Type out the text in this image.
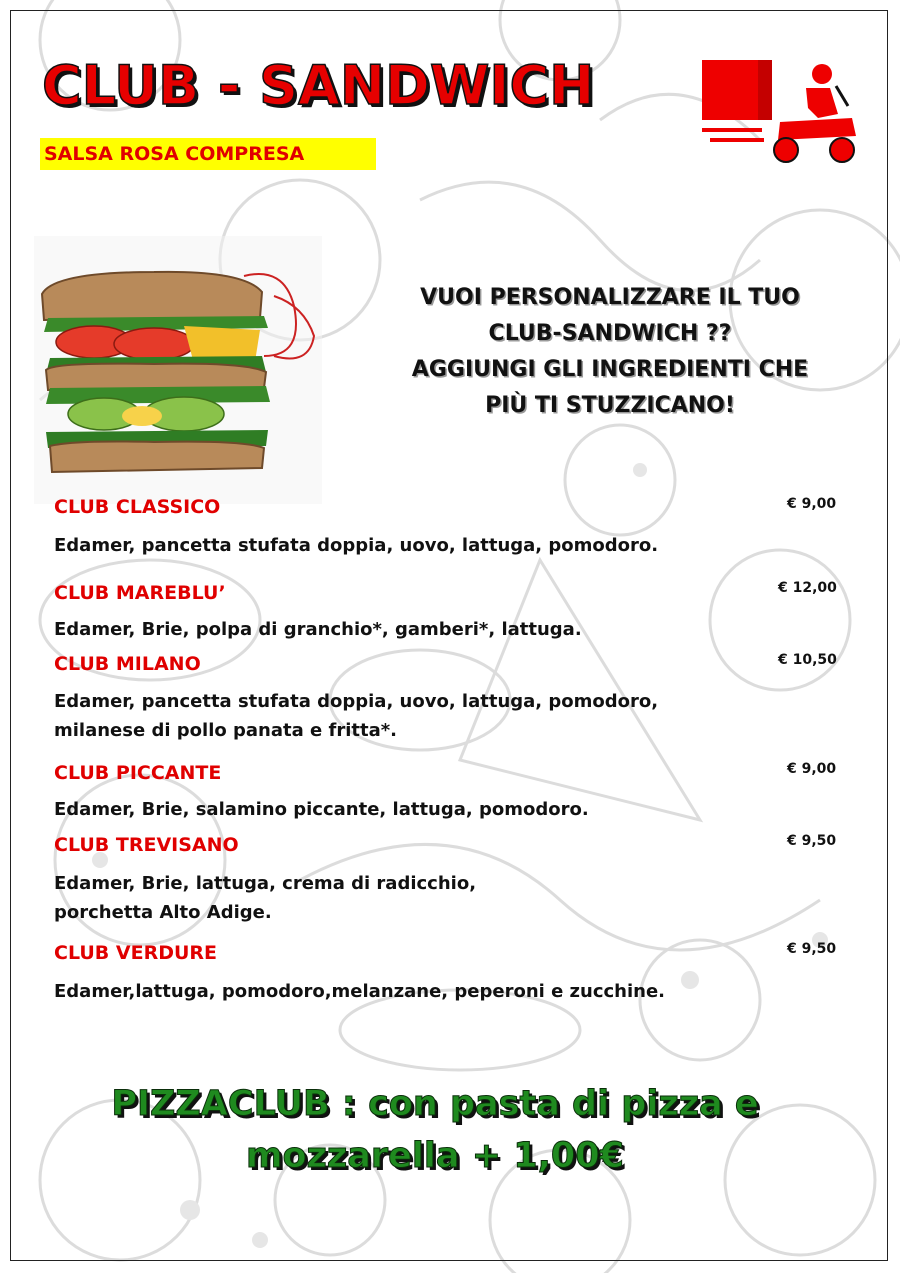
CLUB - SANDWICH
SALSA ROSA COMPRESA
VUOI PERSONALIZZARE IL TUO
CLUB-SANDWICH ??
AGGIUNGI GLI INGREDIENTI CHE
PIÙ TI STUZZICANO!
CLUB CLASSICO	€ 9,00
Edamer, pancetta stufata doppia, uovo, lattuga, pomodoro.
CLUB MAREBLU’	€ 12,00
Edamer, Brie, polpa di granchio*, gamberi*, lattuga.
CLUB MILANO	€ 10,50
Edamer, pancetta stufata doppia, uovo, lattuga, pomodoro,
milanese di pollo panata e fritta*.
CLUB PICCANTE	€ 9,00
Edamer, Brie, salamino piccante, lattuga, pomodoro.
CLUB TREVISANO	€ 9,50
Edamer, Brie, lattuga, crema di radicchio,
porchetta Alto Adige.
CLUB VERDURE	€ 9,50
Edamer,lattuga, pomodoro,melanzane, peperoni e zucchine.
PIZZACLUB : con pasta di pizza e
mozzarella + 1,00€
